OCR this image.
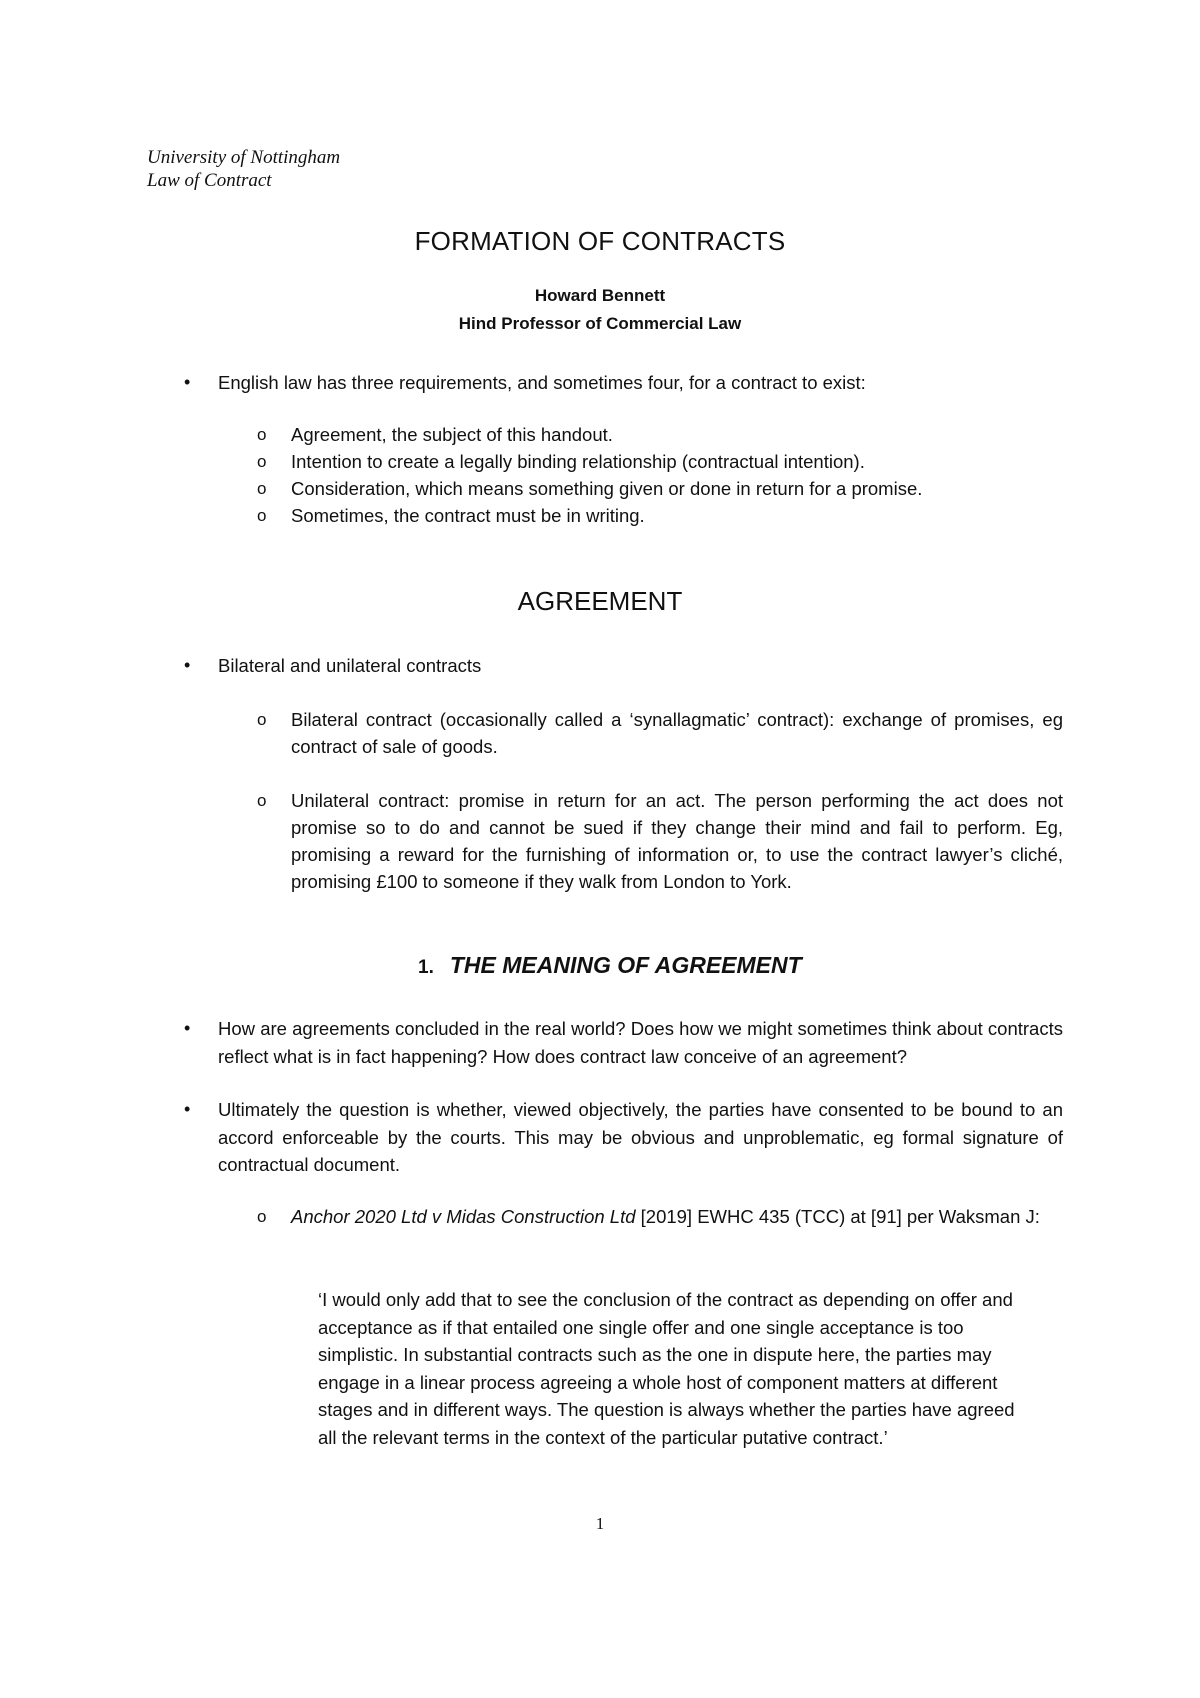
University of Nottingham
Law of Contract
FORMATION OF CONTRACTS
Howard Bennett
Hind Professor of Commercial Law
• English law has three requirements, and sometimes four, for a contract to exist:
o Agreement, the subject of this handout.
o Intention to create a legally binding relationship (contractual intention).
o Consideration, which means something given or done in return for a promise.
o Sometimes, the contract must be in writing.
AGREEMENT
• Bilateral and unilateral contracts
o Bilateral contract (occasionally called a ‘synallagmatic’ contract): exchange of promises, eg contract of sale of goods.
o Unilateral contract: promise in return for an act. The person performing the act does not promise so to do and cannot be sued if they change their mind and fail to perform. Eg, promising a reward for the furnishing of information or, to use the contract lawyer’s cliché, promising £100 to someone if they walk from London to York.
1. THE MEANING OF AGREEMENT
• How are agreements concluded in the real world? Does how we might sometimes think about contracts reflect what is in fact happening? How does contract law conceive of an agreement?
• Ultimately the question is whether, viewed objectively, the parties have consented to be bound to an accord enforceable by the courts. This may be obvious and unproblematic, eg formal signature of contractual document.
o Anchor 2020 Ltd v Midas Construction Ltd [2019] EWHC 435 (TCC) at [91] per Waksman J:
‘I would only add that to see the conclusion of the contract as depending on offer and acceptance as if that entailed one single offer and one single acceptance is too simplistic. In substantial contracts such as the one in dispute here, the parties may engage in a linear process agreeing a whole host of component matters at different stages and in different ways. The question is always whether the parties have agreed all the relevant terms in the context of the particular putative contract.’
1
